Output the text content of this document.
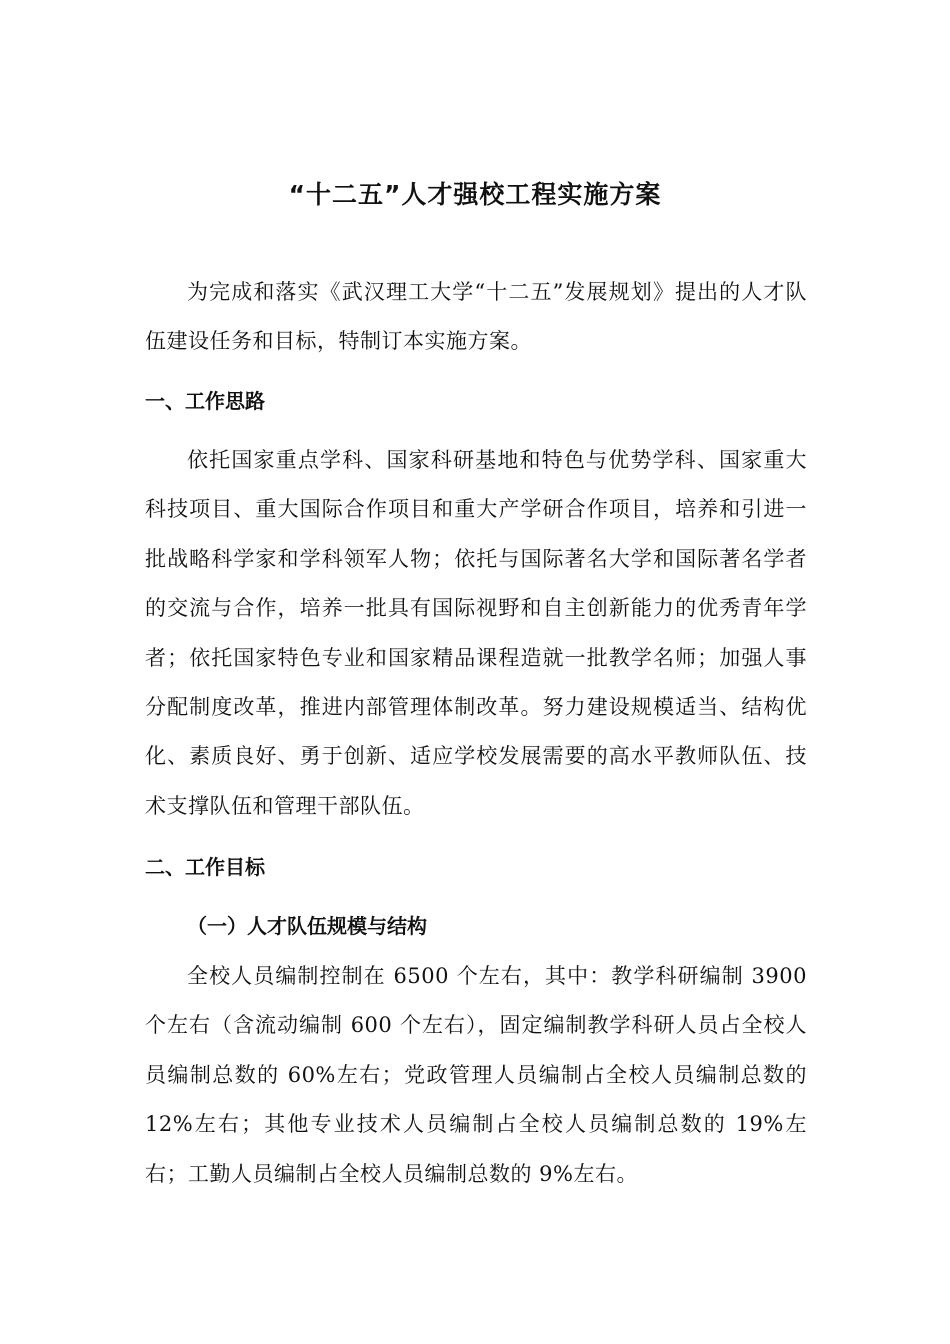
“十二五”人才强校工程实施方案
为完成和落实《武汉理工大学“十二五”发展规划》提出的人才队伍建设任务和目标，特制订本实施方案。
一、工作思路
依托国家重点学科、国家科研基地和特色与优势学科、国家重大科技项目、重大国际合作项目和重大产学研合作项目，培养和引进一批战略科学家和学科领军人物；依托与国际著名大学和国际著名学者的交流与合作，培养一批具有国际视野和自主创新能力的优秀青年学者；依托国家特色专业和国家精品课程造就一批教学名师；加强人事分配制度改革，推进内部管理体制改革。努力建设规模适当、结构优化、素质良好、勇于创新、适应学校发展需要的高水平教师队伍、技术支撑队伍和管理干部队伍。
二、工作目标
（一）人才队伍规模与结构
全校人员编制控制在 6500 个左右，其中：教学科研编制 3900 个左右（含流动编制 600 个左右），固定编制教学科研人员占全校人员编制总数的 60%左右；党政管理人员编制占全校人员编制总数的 12%左右；其他专业技术人员编制占全校人员编制总数的 19%左右；工勤人员编制占全校人员编制总数的 9%左右。
